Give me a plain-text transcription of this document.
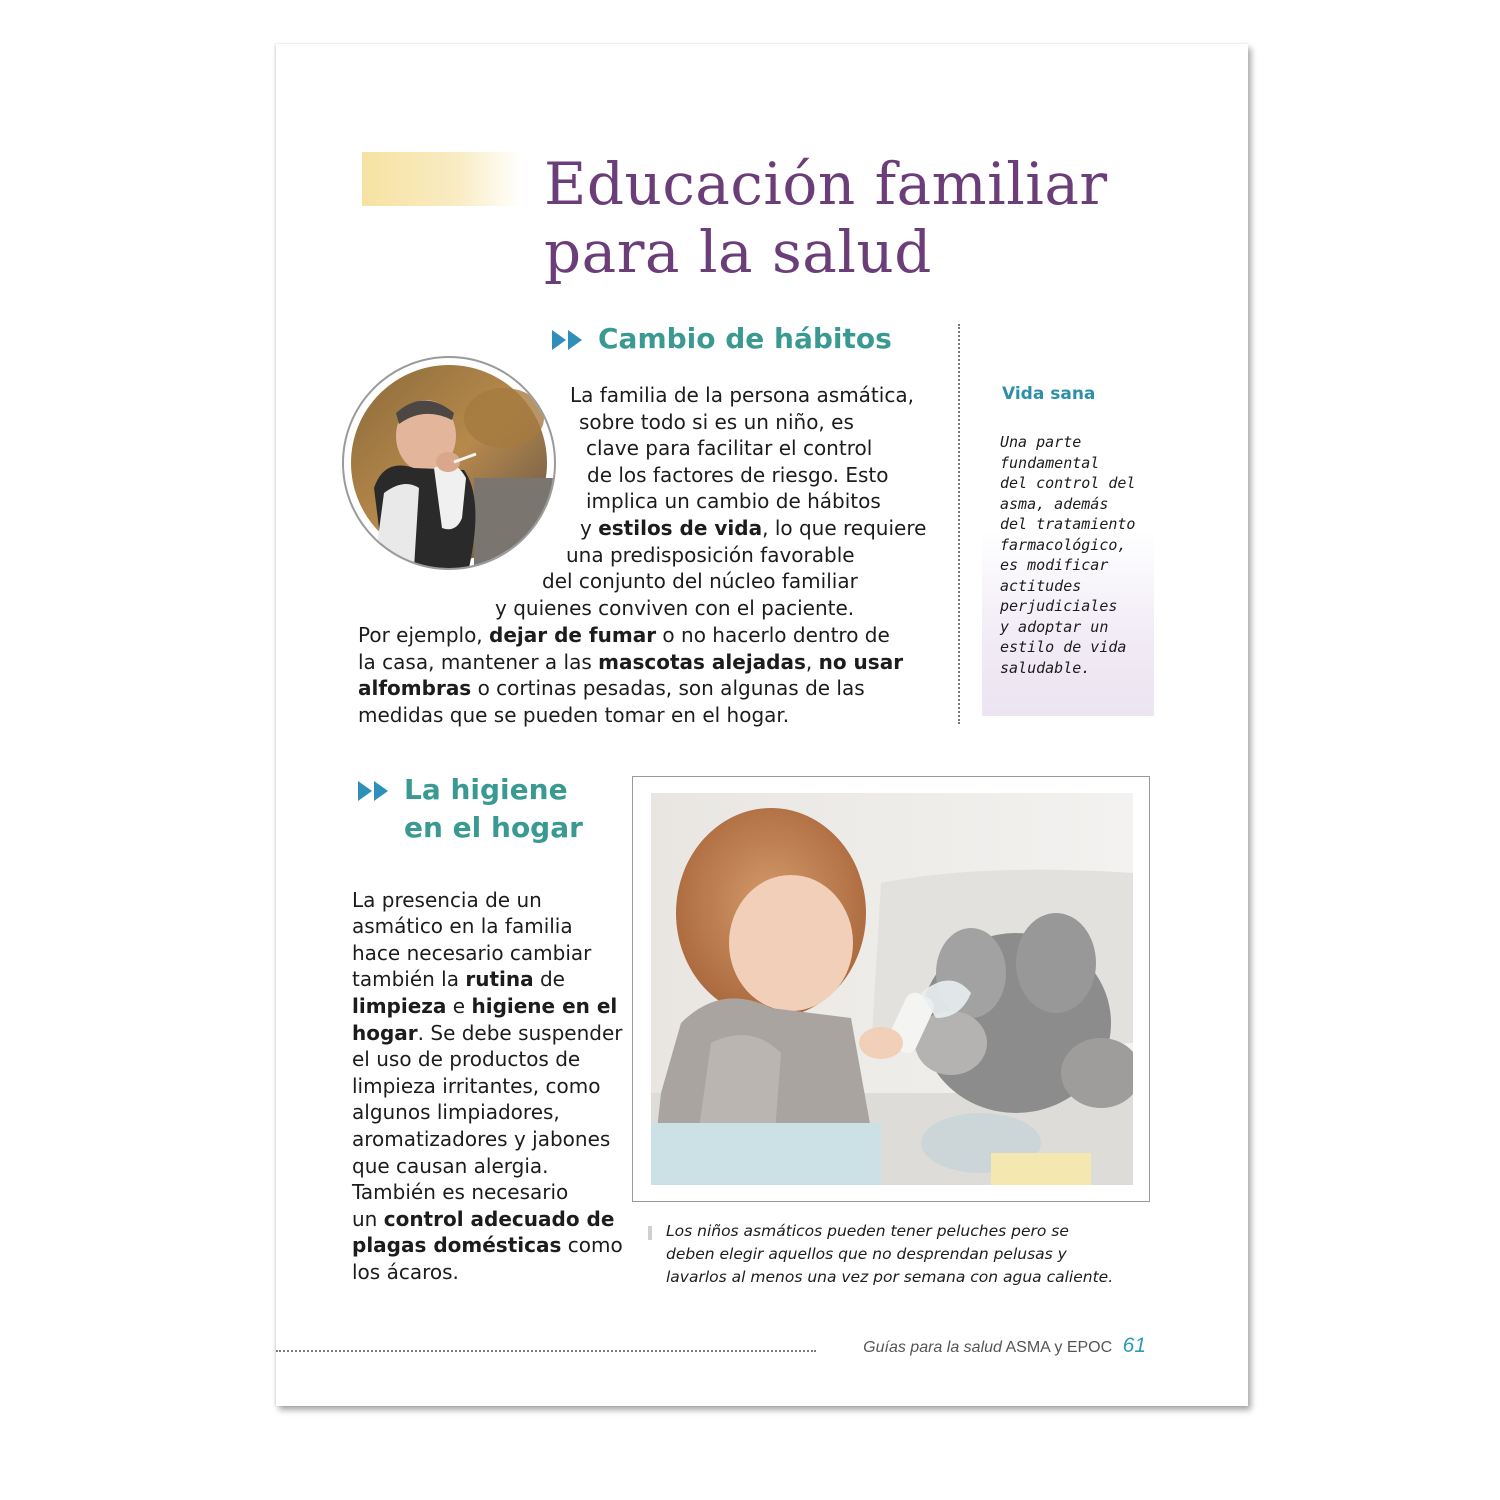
Educación familiar
para la salud
Cambio de hábitos
La familia de la persona asmática,
sobre todo si es un niño, es
clave para facilitar el control
de los factores de riesgo. Esto
implica un cambio de hábitos
y estilos de vida, lo que requiere
una predisposición favorable
del conjunto del núcleo familiar
y quienes conviven con el paciente.
Por ejemplo, dejar de fumar o no hacerlo dentro de
la casa, mantener a las mascotas alejadas, no usar
alfombras o cortinas pesadas, son algunas de las
medidas que se pueden tomar en el hogar.
Vida sana

Una parte
fundamental
del control del
asma, además
del tratamiento
farmacológico,
es modificar
actitudes
perjudiciales
y adoptar un
estilo de vida
saludable.

La higiene
en el hogar

La presencia de un
asmático en la familia
hace necesario cambiar
también la rutina de
limpieza e higiene en el
hogar. Se debe suspender
el uso de productos de
limpieza irritantes, como
algunos limpiadores,
aromatizadores y jabones
que causan alergia.
También es necesario
un control adecuado de
plagas domésticas como
los ácaros.

Los niños asmáticos pueden tener peluches pero se
deben elegir aquellos que no desprendan pelusas y
lavarlos al menos una vez por semana con agua caliente.

Guías para la salud ASMA y EPOC 61
